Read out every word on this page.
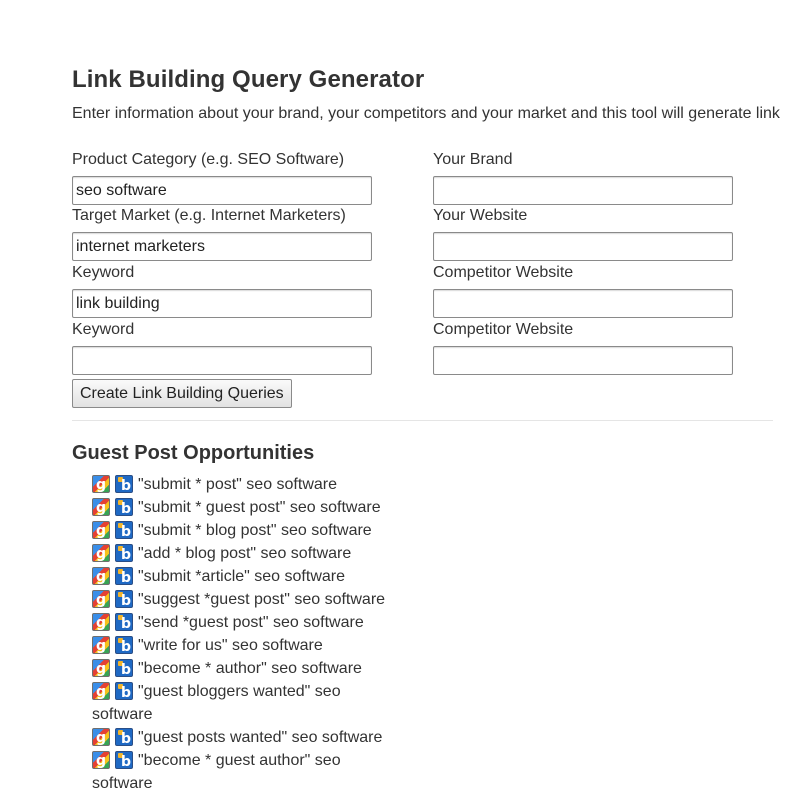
Link Building Query Generator

Enter information about your brand, your competitors and your market and this tool will generate link

Product Category (e.g. SEO Software)
seo software
Target Market (e.g. Internet Marketers)
internet marketers
Keyword
link building
Keyword
Your Brand
Your Website
Competitor Website
Competitor Website
Create Link Building Queries
Guest Post Opportunities
gb"submit * post" seo software
gb"submit * guest post" seo software
gb"submit * blog post" seo software
gb"add * blog post" seo software
gb"submit *article" seo software
gb"suggest *guest post" seo software
gb"send *guest post" seo software
gb"write for us" seo software
gb"become * author" seo software
gb"guest bloggers wanted" seo software
gb"guest posts wanted" seo software
gb"become * guest author" seo software
